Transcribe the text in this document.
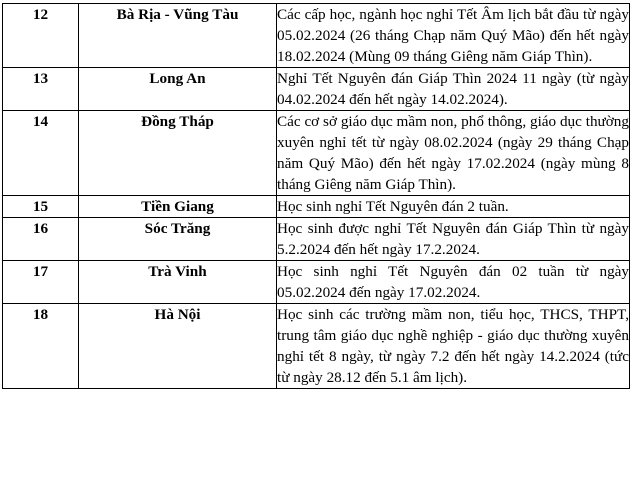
12	Bà Rịa - Vũng Tàu	Các cấp học, ngành học nghỉ Tết Âm lịch bắt đầu từ ngày 05.02.2024 (26 tháng Chạp năm Quý Mão) đến hết ngày 18.02.2024 (Mùng 09 tháng Giêng năm Giáp Thìn).
13	Long An	Nghỉ Tết Nguyên đán Giáp Thìn 2024 11 ngày (từ ngày 04.02.2024 đến hết ngày 14.02.2024).
14	Đồng Tháp	Các cơ sở giáo dục mầm non, phổ thông, giáo dục thường xuyên nghỉ tết từ ngày 08.02.2024 (ngày 29 tháng Chạp năm Quý Mão) đến hết ngày 17.02.2024 (ngày mùng 8 tháng Giêng năm Giáp Thìn).
15	Tiền Giang	Học sinh nghỉ Tết Nguyên đán 2 tuần.
16	Sóc Trăng	Học sinh được nghỉ Tết Nguyên đán Giáp Thìn từ ngày 5.2.2024 đến hết ngày 17.2.2024.
17	Trà Vinh	Học sinh nghỉ Tết Nguyên đán 02 tuần từ ngày 05.02.2024 đến ngày 17.02.2024.
18	Hà Nội	Học sinh các trường mầm non, tiểu học, THCS, THPT, trung tâm giáo dục nghề nghiệp - giáo dục thường xuyên nghỉ tết 8 ngày, từ ngày 7.2 đến hết ngày 14.2.2024 (tức từ ngày 28.12 đến 5.1 âm lịch).
